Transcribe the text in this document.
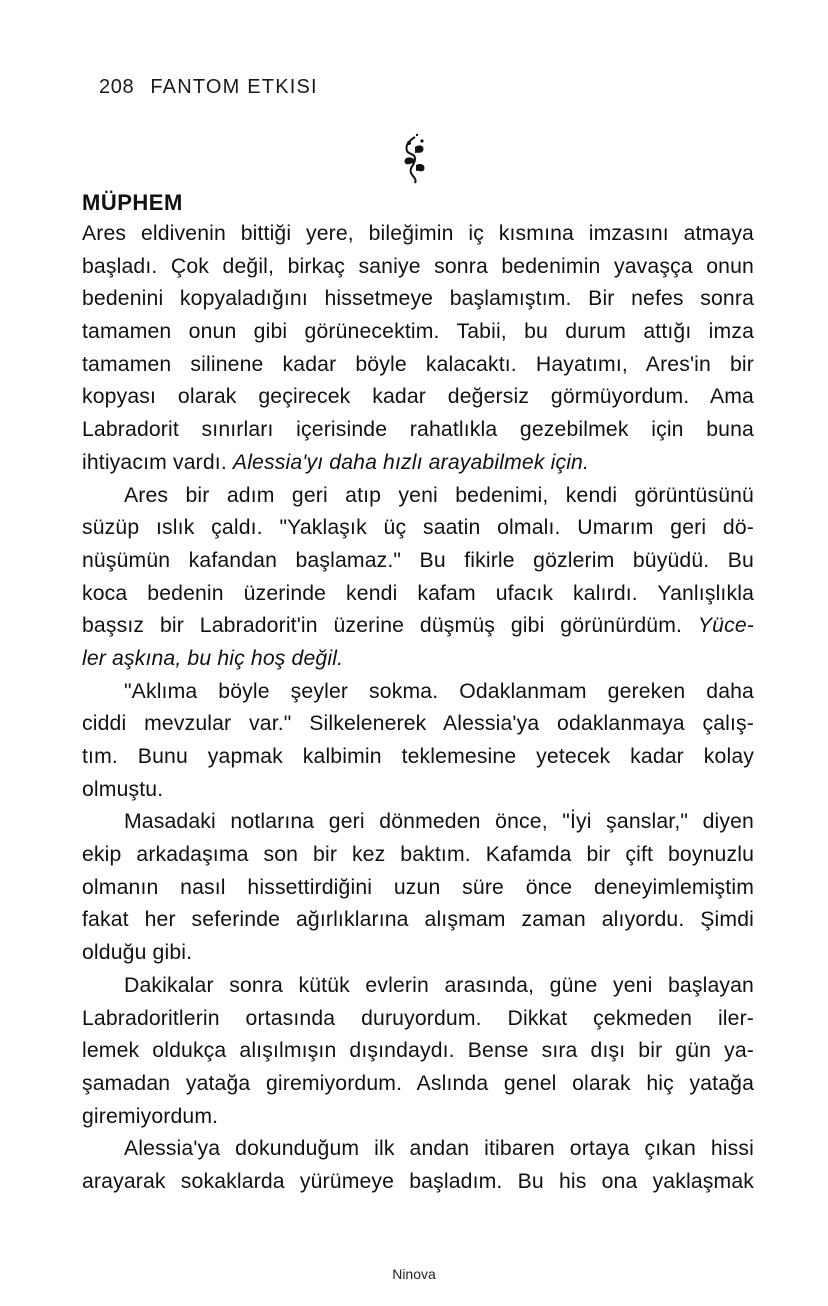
208 FANTOM ETKISI
MÜPHEM
Ares eldivenin bittiği yere, bileğimin iç kısmına imzasını atmaya
başladı. Çok değil, birkaç saniye sonra bedenimin yavaşça onun
bedenini kopyaladığını hissetmeye başlamıştım. Bir nefes sonra
tamamen onun gibi görünecektim. Tabii, bu durum attığı imza
tamamen silinene kadar böyle kalacaktı. Hayatımı, Ares'in bir
kopyası olarak geçirecek kadar değersiz görmüyordum. Ama
Labradorit sınırları içerisinde rahatlıkla gezebilmek için buna
ihtiyacım vardı. Alessia'yı daha hızlı arayabilmek için.
Ares bir adım geri atıp yeni bedenimi, kendi görüntüsünü
süzüp ıslık çaldı. "Yaklaşık üç saatin olmalı. Umarım geri dö-
nüşümün kafandan başlamaz." Bu fikirle gözlerim büyüdü. Bu
koca bedenin üzerinde kendi kafam ufacık kalırdı. Yanlışlıkla
başsız bir Labradorit'in üzerine düşmüş gibi görünürdüm. Yüce-
ler aşkına, bu hiç hoş değil.
"Aklıma böyle şeyler sokma. Odaklanmam gereken daha
ciddi mevzular var." Silkelenerek Alessia'ya odaklanmaya çalış-
tım. Bunu yapmak kalbimin teklemesine yetecek kadar kolay
olmuştu.
Masadaki notlarına geri dönmeden önce, "İyi şanslar," diyen
ekip arkadaşıma son bir kez baktım. Kafamda bir çift boynuzlu
olmanın nasıl hissettirdiğini uzun süre önce deneyimlemiştim
fakat her seferinde ağırlıklarına alışmam zaman alıyordu. Şimdi
olduğu gibi.
Dakikalar sonra kütük evlerin arasında, güne yeni başlayan
Labradoritlerin ortasında duruyordum. Dikkat çekmeden iler-
lemek oldukça alışılmışın dışındaydı. Bense sıra dışı bir gün ya-
şamadan yatağa giremiyordum. Aslında genel olarak hiç yatağa
giremiyordum.
Alessia'ya dokunduğum ilk andan itibaren ortaya çıkan hissi
arayarak sokaklarda yürümeye başladım. Bu his ona yaklaşmak
Ninova
